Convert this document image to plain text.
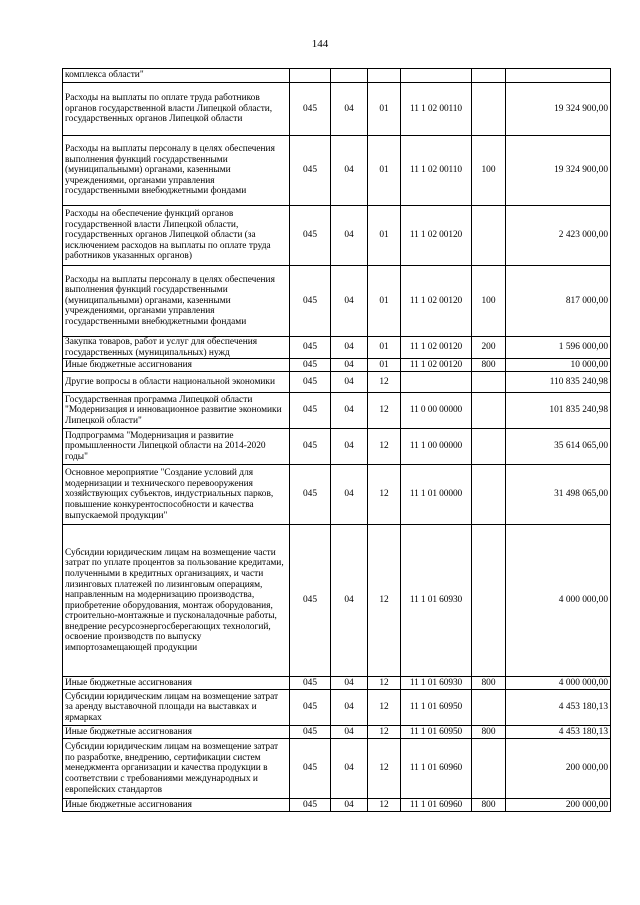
144
комплекса области"						
Расходы на выплаты по оплате труда работников органов государственной власти Липецкой области, государственных органов Липецкой области	045	04	01	11 1 02 00110		19 324 900,00
Расходы на выплаты персоналу в целях обеспечения выполнения функций государственными (муниципальными) органами, казенными учреждениями, органами управления государственными внебюджетными фондами	045	04	01	11 1 02 00110	100	19 324 900,00
Расходы на обеспечение функций органов государственной власти Липецкой области, государственных органов Липецкой области (за исключением расходов на выплаты по оплате труда работников указанных органов)	045	04	01	11 1 02 00120		2 423 000,00
Расходы на выплаты персоналу в целях обеспечения выполнения функций государственными (муниципальными) органами, казенными учреждениями, органами управления государственными внебюджетными фондами	045	04	01	11 1 02 00120	100	817 000,00
Закупка товаров, работ и услуг для обеспечения государственных (муниципальных) нужд	045	04	01	11 1 02 00120	200	1 596 000,00
Иные бюджетные ассигнования	045	04	01	11 1 02 00120	800	10 000,00
Другие вопросы в области национальной экономики	045	04	12			110 835 240,98
Государственная программа Липецкой области "Модернизация и инновационное развитие экономики Липецкой области"	045	04	12	11 0 00 00000		101 835 240,98
Подпрограмма "Модернизация и развитие промышленности Липецкой области на 2014-2020 годы"	045	04	12	11 1 00 00000		35 614 065,00
Основное мероприятие "Создание условий для модернизации и технического перевооружения хозяйствующих субъектов, индустриальных парков, повышение конкурентоспособности и качества выпускаемой продукции"	045	04	12	11 1 01 00000		31 498 065,00
Субсидии юридическим лицам на возмещение части затрат по уплате процентов за пользование кредитами, полученными в кредитных организациях, и части лизинговых платежей по лизинговым операциям, направленным на модернизацию производства, приобретение оборудования, монтаж оборудования, строительно-монтажные и пусконаладочные работы, внедрение ресурсоэнергосберегающих технологий, освоение производств по выпуску импортозамещающей продукции	045	04	12	11 1 01 60930		4 000 000,00
Иные бюджетные ассигнования	045	04	12	11 1 01 60930	800	4 000 000,00
Субсидии юридическим лицам на возмещение затрат за аренду выставочной площади на выставках и ярмарках	045	04	12	11 1 01 60950		4 453 180,13
Иные бюджетные ассигнования	045	04	12	11 1 01 60950	800	4 453 180,13
Субсидии юридическим лицам на возмещение затрат по разработке, внедрению, сертификации систем менеджмента организации и качества продукции в соответствии с требованиями международных и европейских стандартов	045	04	12	11 1 01 60960		200 000,00
Иные бюджетные ассигнования	045	04	12	11 1 01 60960	800	200 000,00
